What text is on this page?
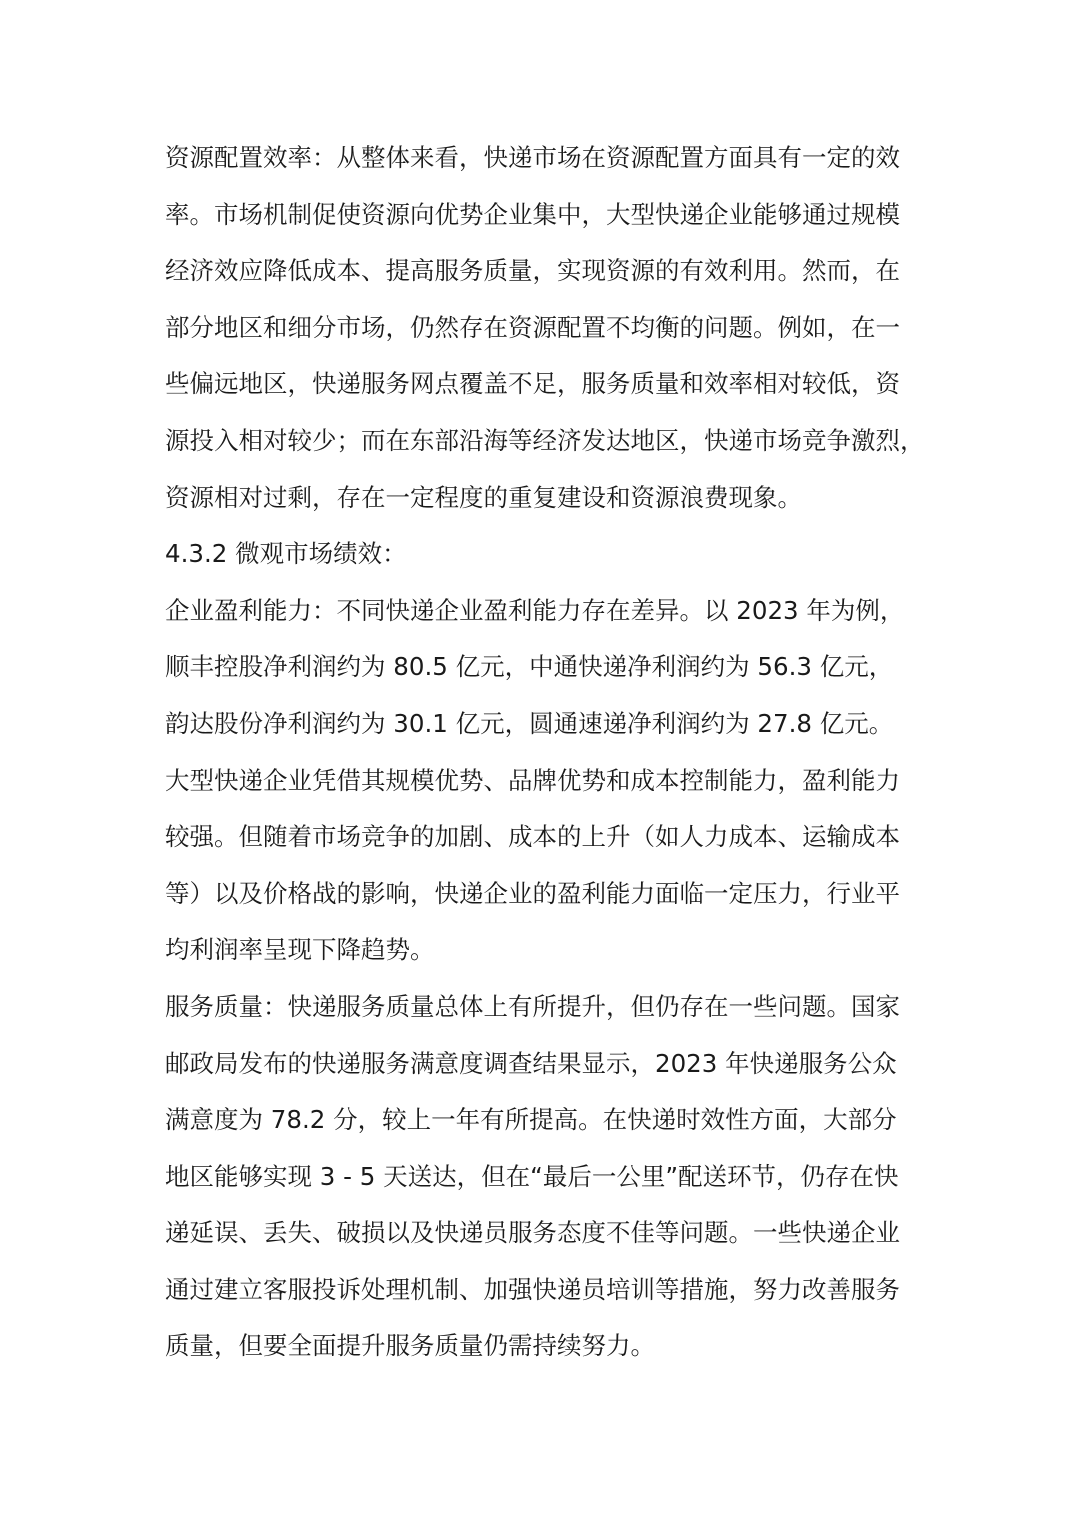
资源配置效率：从整体来看，快递市场在资源配置方面具有一定的效
率。市场机制促使资源向优势企业集中，大型快递企业能够通过规模
经济效应降低成本、提高服务质量，实现资源的有效利用。然而，在
部分地区和细分市场，仍然存在资源配置不均衡的问题。例如，在一
些偏远地区，快递服务网点覆盖不足，服务质量和效率相对较低，资
源投入相对较少；而在东部沿海等经济发达地区，快递市场竞争激烈，
资源相对过剩，存在一定程度的重复建设和资源浪费现象。
4.3.2 微观市场绩效：
企业盈利能力：不同快递企业盈利能力存在差异。以 2023 年为例，
顺丰控股净利润约为 80.5 亿元，中通快递净利润约为 56.3 亿元，
韵达股份净利润约为 30.1 亿元，圆通速递净利润约为 27.8 亿元。
大型快递企业凭借其规模优势、品牌优势和成本控制能力，盈利能力
较强。但随着市场竞争的加剧、成本的上升（如人力成本、运输成本
等）以及价格战的影响，快递企业的盈利能力面临一定压力，行业平
均利润率呈现下降趋势。
服务质量：快递服务质量总体上有所提升，但仍存在一些问题。国家
邮政局发布的快递服务满意度调查结果显示，2023 年快递服务公众
满意度为 78.2 分，较上一年有所提高。在快递时效性方面，大部分
地区能够实现 3 - 5 天送达，但在“最后一公里”配送环节，仍存在快
递延误、丢失、破损以及快递员服务态度不佳等问题。一些快递企业
通过建立客服投诉处理机制、加强快递员培训等措施，努力改善服务
质量，但要全面提升服务质量仍需持续努力。
